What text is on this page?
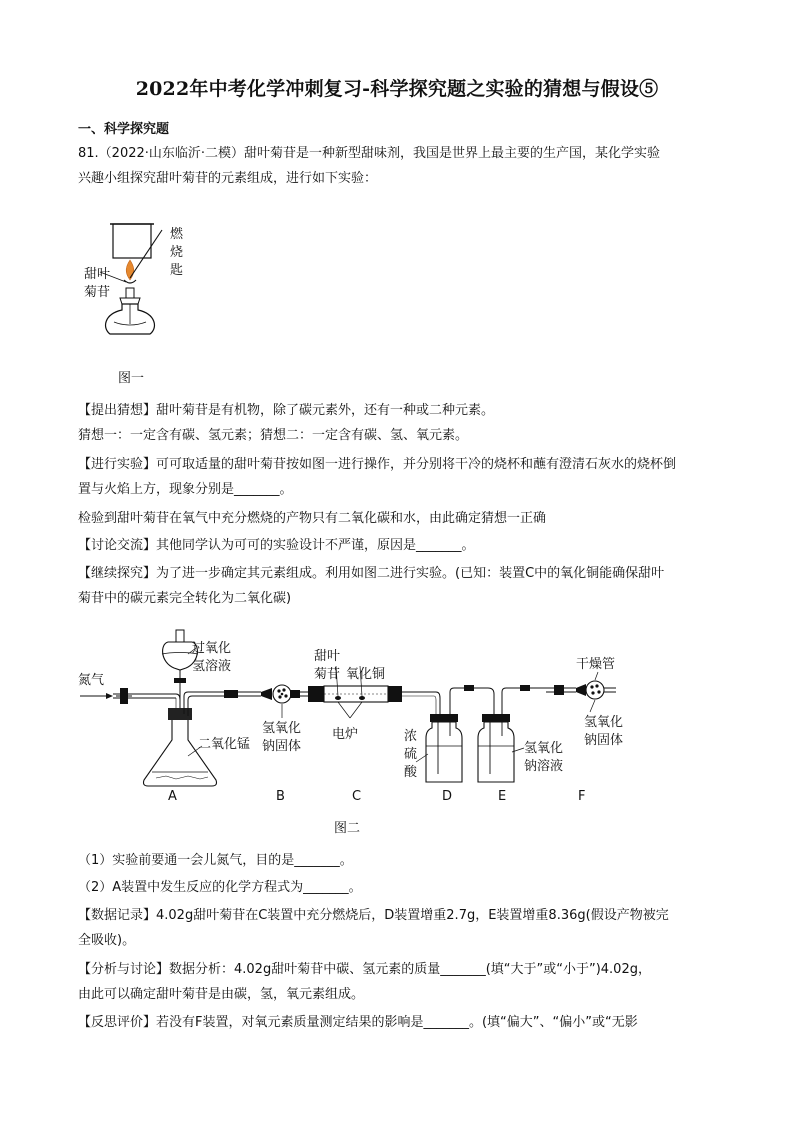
2022年中考化学冲刺复习-科学探究题之实验的猜想与假设⑤
一、科学探究题
81.（2022·山东临沂·二模）甜叶菊苷是一种新型甜味剂，我国是世界上最主要的生产国，某化学实验
兴趣小组探究甜叶菊苷的元素组成，进行如下实验：
燃
烧
匙
甜叶
菊苷
图一
【提出猜想】甜叶菊苷是有机物，除了碳元素外，还有一种或二种元素。
猜想一：一定含有碳、氢元素；猜想二：一定含有碳、氢、氧元素。
【进行实验】可可取适量的甜叶菊苷按如图一进行操作，并分别将干冷的烧杯和蘸有澄清石灰水的烧杯倒
置与火焰上方，现象分别是_______。
检验到甜叶菊苷在氧气中充分燃烧的产物只有二氧化碳和水，由此确定猜想一正确
【讨论交流】其他同学认为可可的实验设计不严谨，原因是_______。
【继续探究】为了进一步确定其元素组成。利用如图二进行实验。(已知：装置C中的氧化铜能确保甜叶
菊苷中的碳元素完全转化为二氧化碳)
氮气
过氧化
氢溶液
二氧化锰
氢氧化
钠固体
甜叶
菊苷 氧化铜
电炉	浓
硫
酸
氢氧化
钠溶液
干燥管
氢氧化
钠固体
A	B	C	D	E	F
图二
（1）实验前要通一会儿氮气，目的是_______。
（2）A装置中发生反应的化学方程式为_______。
【数据记录】4.02g甜叶菊苷在C装置中充分燃烧后，D装置增重2.7g，E装置增重8.36g(假设产物被完
全吸收)。
【分析与讨论】数据分析：4.02g甜叶菊苷中碳、氢元素的质量_______(填“大于”或“小于”)4.02g，
由此可以确定甜叶菊苷是由碳，氢，氧元素组成。
【反思评价】若没有F装置，对氧元素质量测定结果的影响是_______。(填“偏大”、“偏小”或“无影
